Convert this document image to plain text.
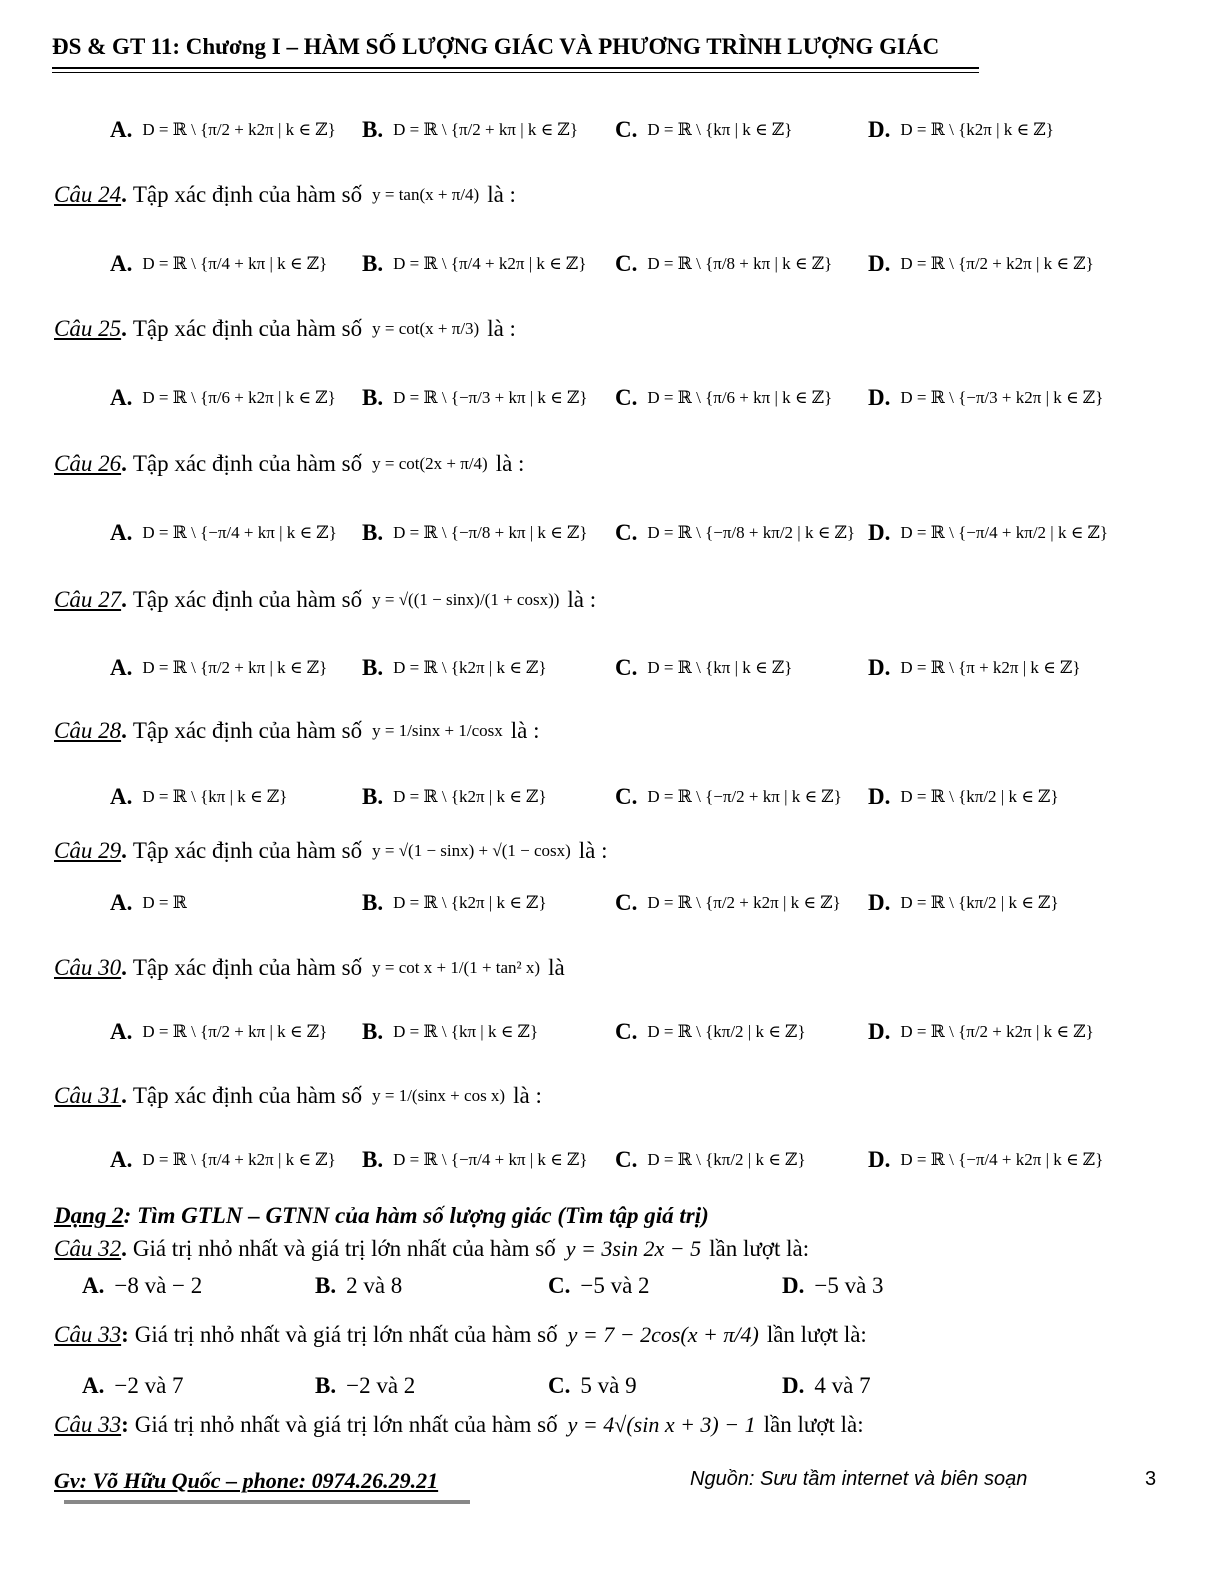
ĐS & GT 11: Chương I – HÀM SỐ LƯỢNG GIÁC VÀ PHƯƠNG TRÌNH LƯỢNG GIÁC
A. D = ℝ \ {π/2 + k2π | k ∈ ℤ} B. D = ℝ \ {π/2 + kπ | k ∈ ℤ} C. D = ℝ \ {kπ | k ∈ ℤ}	D. D = ℝ \ {k2π | k ∈ ℤ}
Câu 24 . Tập xác định của hàm số y = tan(x + π/4) là :
A. D = ℝ \ {π/4 + kπ | k ∈ ℤ} B. D = ℝ \ {π/4 + k2π | k ∈ ℤ} C. D = ℝ \ {π/8 + kπ | k ∈ ℤ} D. D = ℝ \ {π/2 + k2π | k ∈ ℤ}
Câu 25 . Tập xác định của hàm số y = cot(x + π/3) là :
A. D = ℝ \ {π/6 + k2π | k ∈ ℤ} B. D = ℝ \ {−π/3 + kπ | k ∈ ℤ} C. D = ℝ \ {π/6 + kπ | k ∈ ℤ} D. D = ℝ \ {−π/3 + k2π | k ∈ ℤ}
Câu 26 . Tập xác định của hàm số y = cot(2x + π/4) là :
A. D = ℝ \ {−π/4 + kπ | k ∈ ℤ} B. D = ℝ \ {−π/8 + kπ | k ∈ ℤ} C. D = ℝ \ {−π/8 + kπ/2 | k ∈ ℤ} D. D = ℝ \ {−π/4 + kπ/2 | k ∈ ℤ}
Câu 27 . Tập xác định của hàm số y = √((1 − sinx)/(1 + cosx)) là :
A. D = ℝ \ {π/2 + kπ | k ∈ ℤ} B. D = ℝ \ {k2π | k ∈ ℤ}	C. D = ℝ \ {kπ | k ∈ ℤ}	D. D = ℝ \ {π + k2π | k ∈ ℤ}
Câu 28 . Tập xác định của hàm số y = 1/sinx + 1/cosx là :
A. D = ℝ \ {kπ | k ∈ ℤ}	B. D = ℝ \ {k2π | k ∈ ℤ}	C. D = ℝ \ {−π/2 + kπ | k ∈ ℤ} D. D = ℝ \ {kπ/2 | k ∈ ℤ}
Câu 29 . Tập xác định của hàm số y = √(1 − sinx) + √(1 − cosx) là :
A. D = ℝ	B. D = ℝ \ {k2π | k ∈ ℤ}	C. D = ℝ \ {π/2 + k2π | k ∈ ℤ} D. D = ℝ \ {kπ/2 | k ∈ ℤ}
Câu 30 . Tập xác định của hàm số y = cot x + 1/(1 + tan² x) là
A. D = ℝ \ {π/2 + kπ | k ∈ ℤ} B. D = ℝ \ {kπ | k ∈ ℤ}	C. D = ℝ \ {kπ/2 | k ∈ ℤ}	D. D = ℝ \ {π/2 + k2π | k ∈ ℤ}
Câu 31 . Tập xác định của hàm số y = 1/(sinx + cos x) là :
A. D = ℝ \ {π/4 + k2π | k ∈ ℤ} B. D = ℝ \ {−π/4 + kπ | k ∈ ℤ} C. D = ℝ \ {kπ/2 | k ∈ ℤ}	D. D = ℝ \ {−π/4 + k2π | k ∈ ℤ}
Dạng 2: Tìm GTLN – GTNN của hàm số lượng giác (Tìm tập giá trị)
Câu 32 . Giá trị nhỏ nhất và giá trị lớn nhất của hàm số y = 3sin 2x − 5 lần lượt là:
A. −8 và − 2	B. 2 và 8	C. −5 và 2	D. −5 và 3
Câu 33 : Giá trị nhỏ nhất và giá trị lớn nhất của hàm số y = 7 − 2cos(x + π/4) lần lượt là:
A. −2 và 7	B. −2 và 2	C. 5 và 9	D. 4 và 7
Câu 33 : Giá trị nhỏ nhất và giá trị lớn nhất của hàm số y = 4√(sin x + 3) − 1 lần lượt là:
Gv: Võ Hữu Quốc – phone: 0974.26.29.21	Nguồn: Sưu tầm internet và biên soạn	3
